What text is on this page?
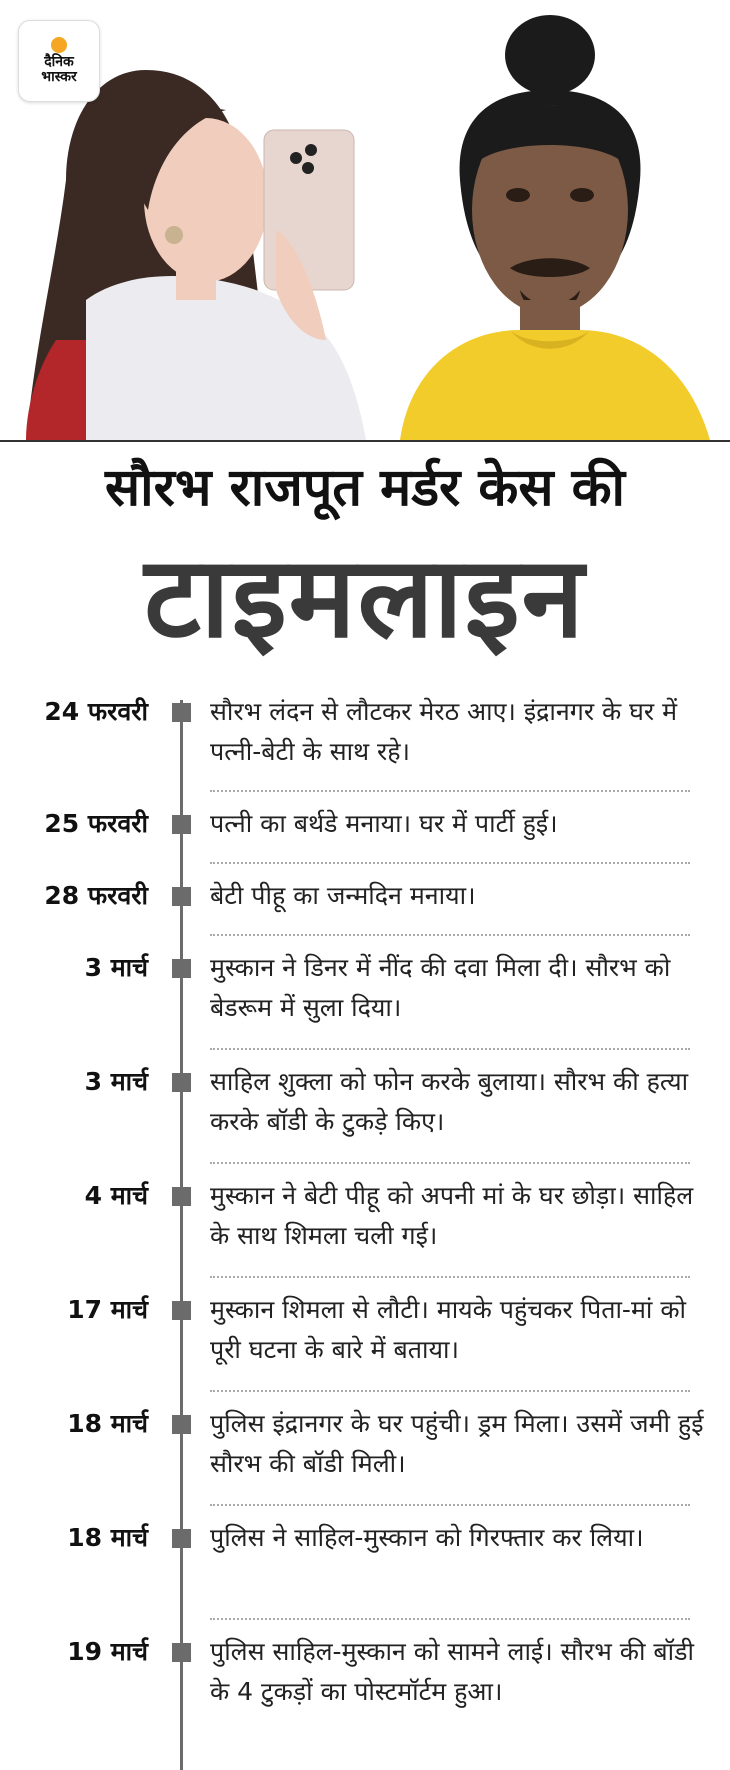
दैनिक
भास्कर
सौरभ राजपूत मर्डर केस की
टाइमलाइन
24 फरवरी सौरभ लंदन से लौटकर मेरठ आए। इंद्रानगर के घर में पत्नी-बेटी के साथ रहे।
25 फरवरी पत्नी का बर्थडे मनाया। घर में पार्टी हुई।
28 फरवरी बेटी पीहू का जन्मदिन मनाया।
3 मार्च मुस्कान ने डिनर में नींद की दवा मिला दी। सौरभ को बेडरूम में सुला दिया।
3 मार्च साहिल शुक्ला को फोन करके बुलाया। सौरभ की हत्या करके बॉडी के टुकड़े किए।
4 मार्च मुस्कान ने बेटी पीहू को अपनी मां के घर छोड़ा। साहिल के साथ शिमला चली गई।
17 मार्च मुस्कान शिमला से लौटी। मायके पहुंचकर पिता-मां को पूरी घटना के बारे में बताया।
18 मार्च पुलिस इंद्रानगर के घर पहुंची। ड्रम मिला। उसमें जमी हुई सौरभ की बॉडी मिली।
18 मार्च पुलिस ने साहिल-मुस्कान को गिरफ्तार कर लिया।
19 मार्च पुलिस साहिल-मुस्कान को सामने लाई। सौरभ की बॉडी के 4 टुकड़ों का पोस्टमॉर्टम हुआ।
